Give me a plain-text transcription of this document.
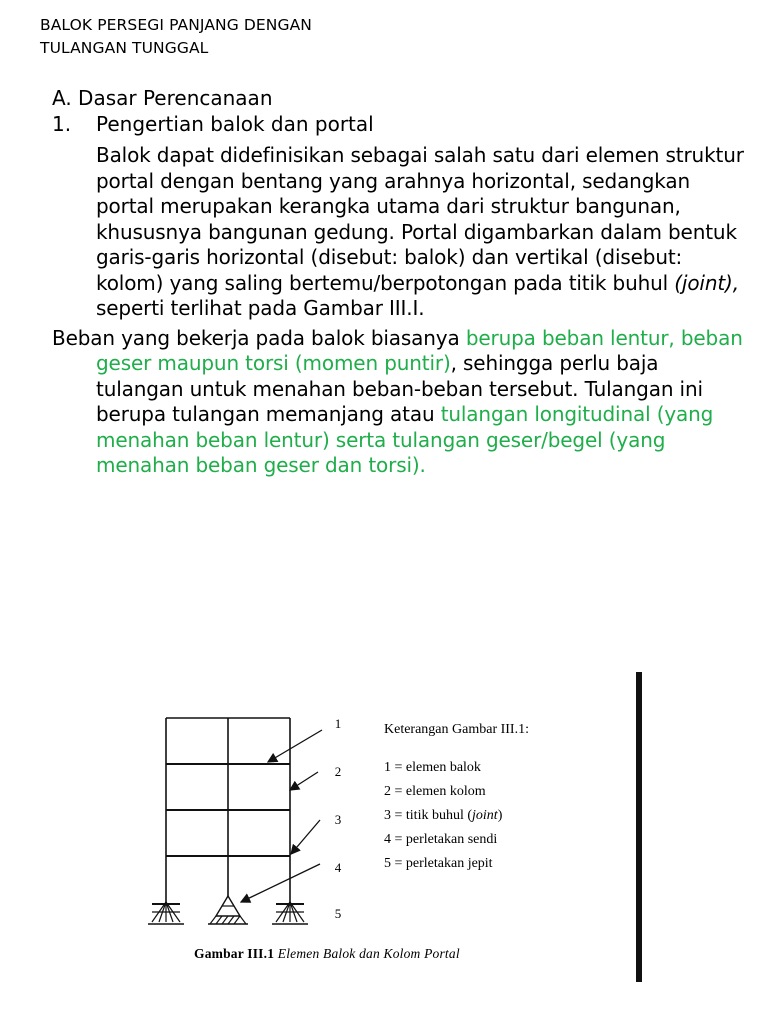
BALOK PERSEGI PANJANG DENGAN
TULANGAN TUNGGAL

A. Dasar Perencanaan

1.	Pengertian balok dan portal

Balok dapat didefinisikan sebagai salah satu dari elemen struktur portal dengan bentang yang arahnya horizontal, sedangkan portal merupakan kerangka utama dari struktur bangunan, khususnya bangunan gedung. Portal digambarkan dalam bentuk garis-garis horizontal (disebut: balok) dan vertikal (disebut: kolom) yang saling bertemu/berpotongan pada titik buhul (joint), seperti terlihat pada Gambar III.I.

Beban yang bekerja pada balok biasanya berupa beban lentur, beban geser maupun torsi (momen puntir), sehingga perlu baja tulangan untuk menahan beban-beban tersebut. Tulangan ini berupa tulangan memanjang atau tulangan longitudinal (yang menahan beban lentur) serta tulangan geser/begel (yang menahan beban geser dan torsi).

1
2
3
4
5
Keterangan Gambar III.1:
1 = elemen balok
2 = elemen kolom
3 = titik buhul (joint)
4 = perletakan sendi
5 = perletakan jepit
Gambar III.1 Elemen Balok dan Kolom Portal
